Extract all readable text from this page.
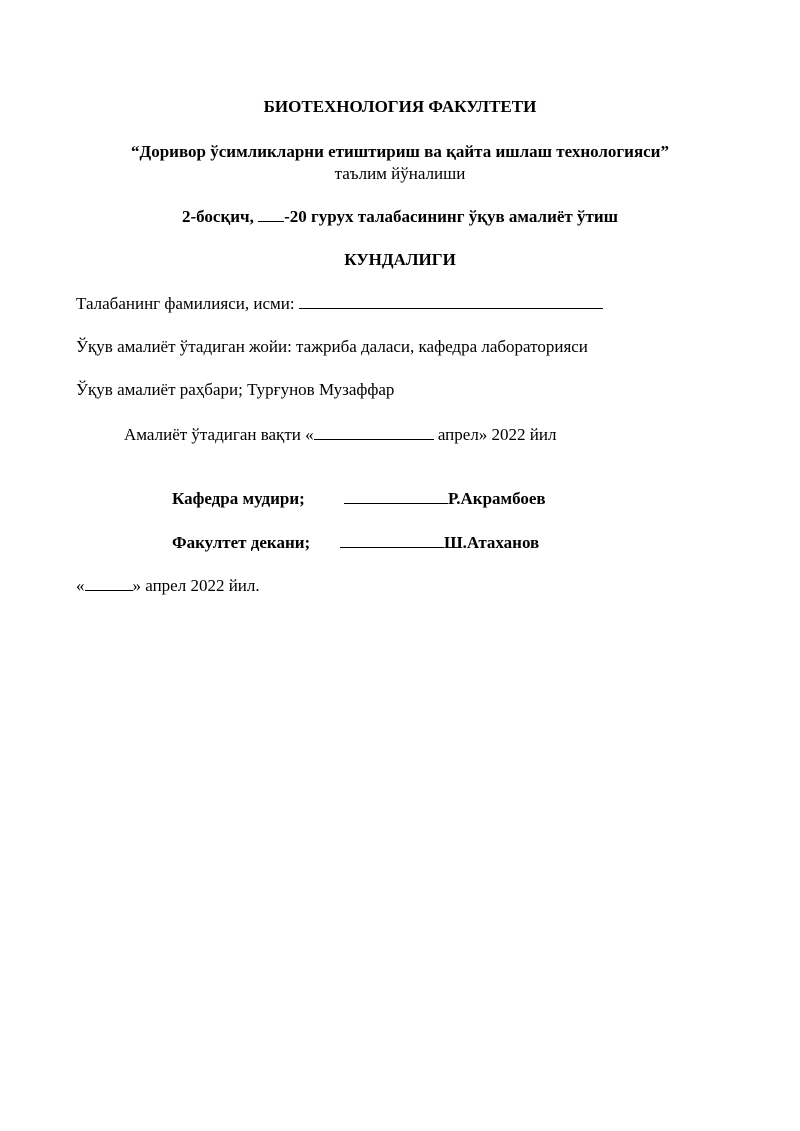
БИОТЕХНОЛОГИЯ ФАКУЛТЕТИ
“Доривор ўсимликларни етиштириш ва қайта ишлаш технологияси”
таълим йўналиши
2-босқич, -20 гурух талабасининг ўқув амалиёт ўтиш
КУНДАЛИГИ
Талабанинг фамилияси, исми:
Ўқув амалиёт ўтадиган жойи: тажриба даласи, кафедра лабораторияси
Ўқув амалиёт раҳбари; Турғунов Музаффар
Амалиёт ўтадиган вақти «	апрел» 2022 йил
Кафедра мудири;	Р.Акрамбоев
Факултет декани;	Ш.Атаханов
«	» апрел 2022 йил.
